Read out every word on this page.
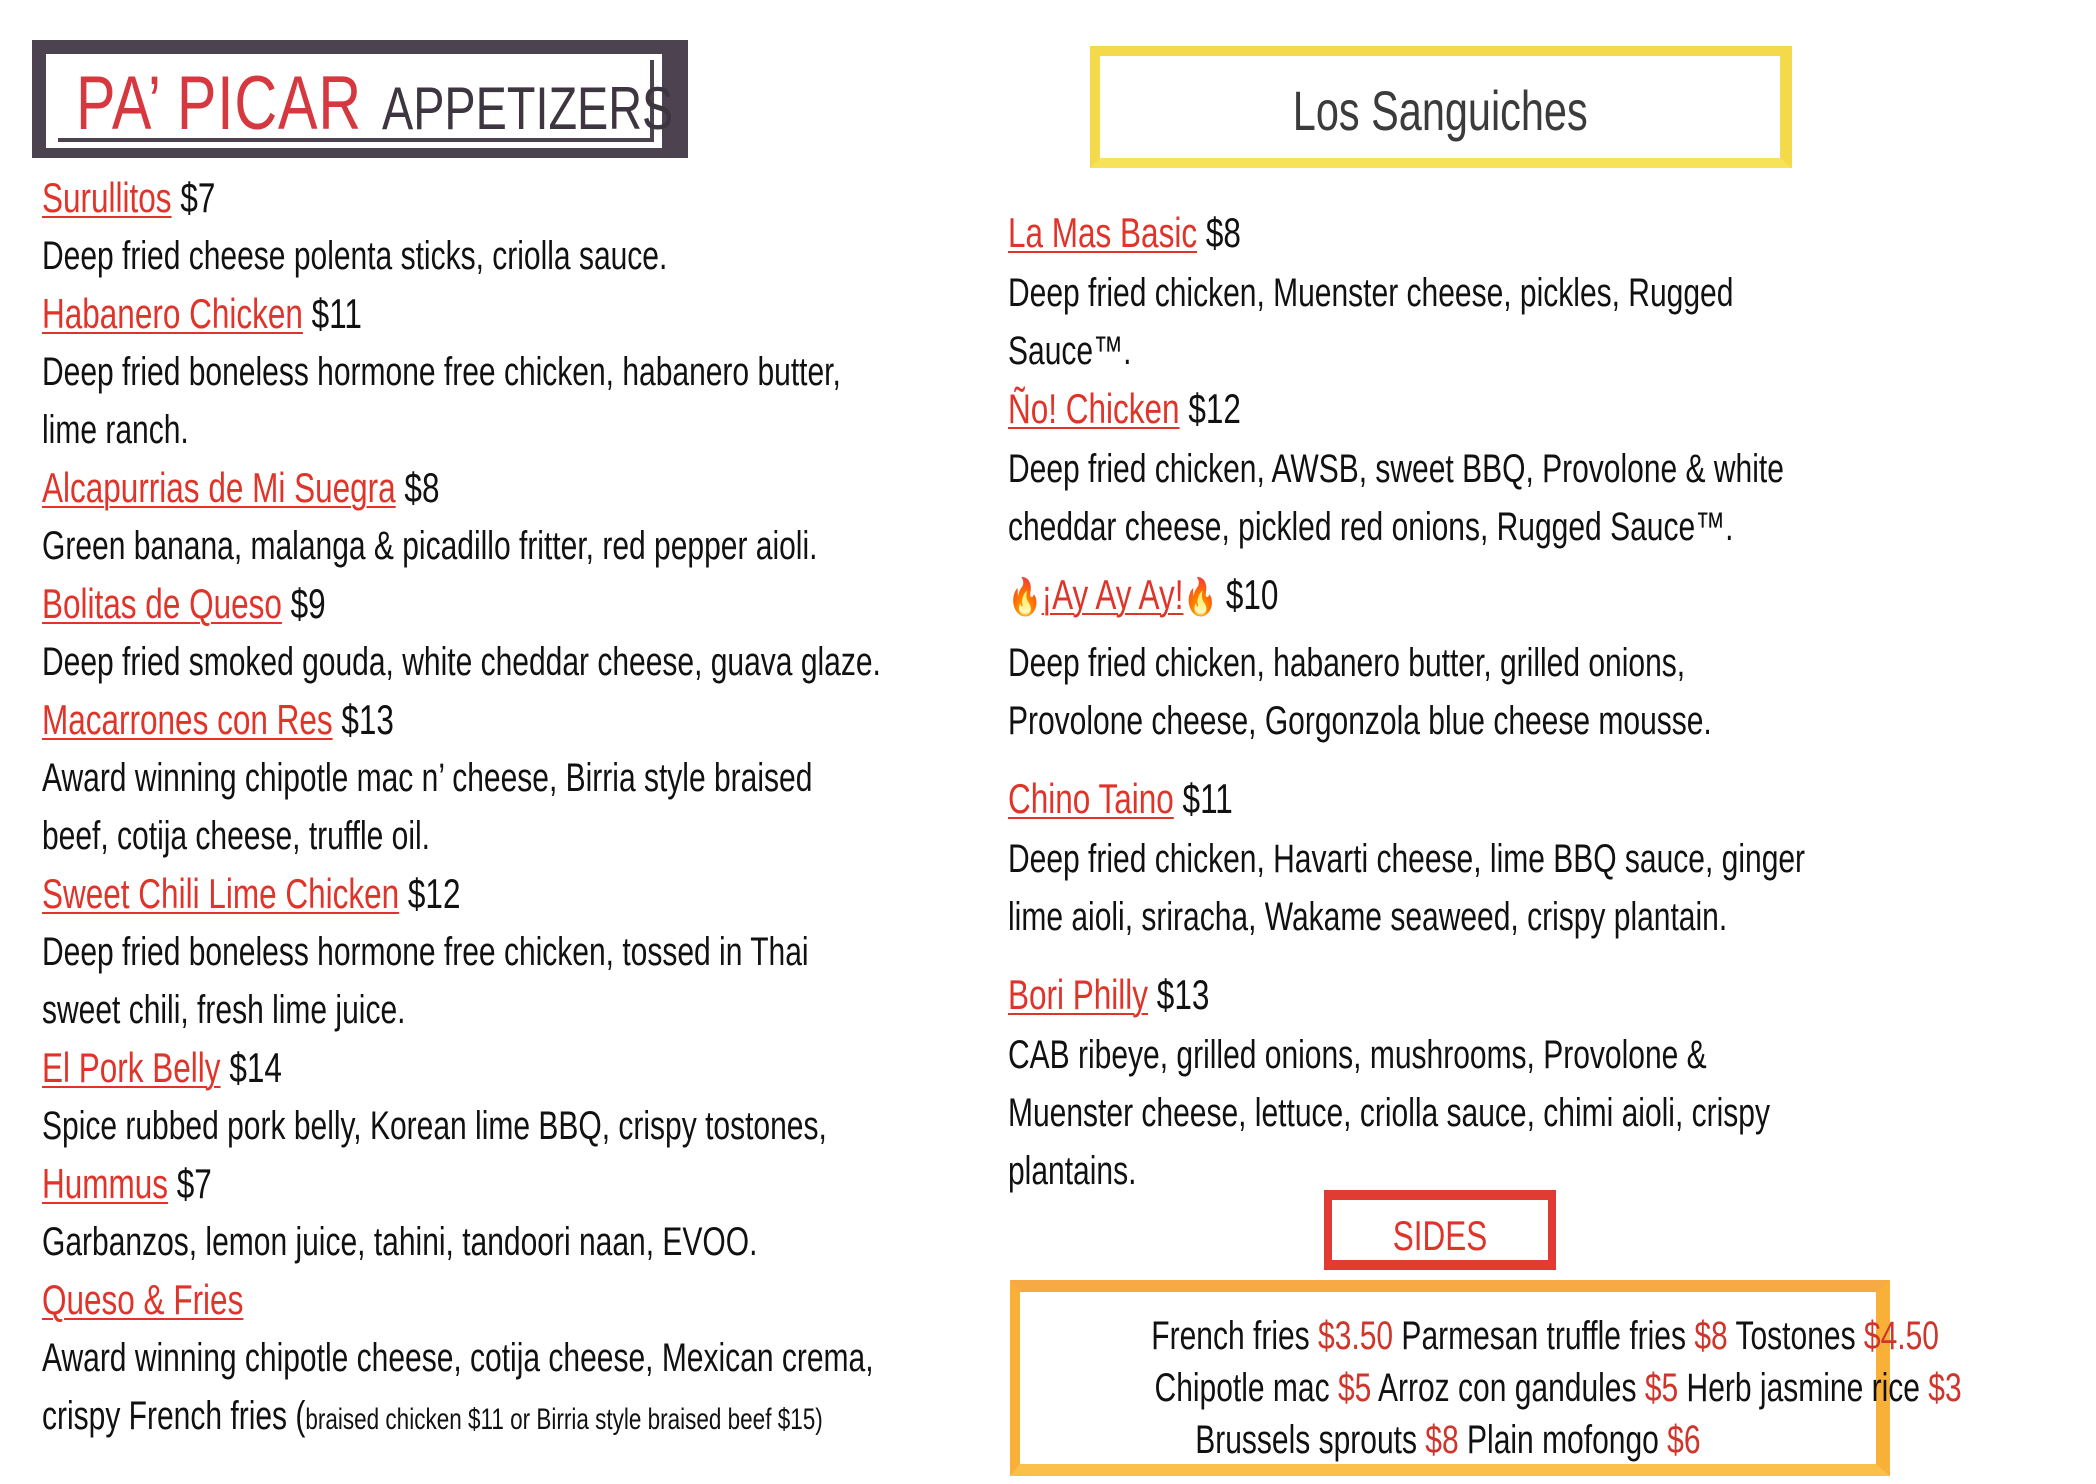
PA’ PICAR APPETIZERS	Los Sanguiches
Surullitos $7
Deep fried cheese polenta sticks, criolla sauce.
Habanero Chicken $11
Deep fried boneless hormone free chicken, habanero butter,
lime ranch.
Alcapurrias de Mi Suegra $8
Green banana, malanga & picadillo fritter, red pepper aioli.
Bolitas de Queso $9
Deep fried smoked gouda, white cheddar cheese, guava glaze.
Macarrones con Res $13
Award winning chipotle mac n’ cheese, Birria style braised
beef, cotija cheese, truffle oil.
Sweet Chili Lime Chicken $12
Deep fried boneless hormone free chicken, tossed in Thai
sweet chili, fresh lime juice.
El Pork Belly $14
Spice rubbed pork belly, Korean lime BBQ, crispy tostones,
Hummus $7
Garbanzos, lemon juice, tahini, tandoori naan, EVOO.
Queso & Fries
Award winning chipotle cheese, cotija cheese, Mexican crema,
crispy French fries (braised chicken $11 or Birria style braised beef $15)
La Mas Basic $8
Deep fried chicken, Muenster cheese, pickles, Rugged
Sauce™.
Ño! Chicken $12
Deep fried chicken, AWSB, sweet BBQ, Provolone & white
cheddar cheese, pickled red onions, Rugged Sauce™.
🔥¡Ay Ay Ay!🔥 $10
Deep fried chicken, habanero butter, grilled onions,
Provolone cheese, Gorgonzola blue cheese mousse.
Chino Taino $11
Deep fried chicken, Havarti cheese, lime BBQ sauce, ginger
lime aioli, sriracha, Wakame seaweed, crispy plantain.
Bori Philly $13
CAB ribeye, grilled onions, mushrooms, Provolone &
Muenster cheese, lettuce, criolla sauce, chimi aioli, crispy
plantains.
SIDES
French fries $3.50 Parmesan truffle fries $8 Tostones $4.50
Chipotle mac $5 Arroz con gandules $5 Herb jasmine rice $3
Brussels sprouts $8 Plain mofongo $6
